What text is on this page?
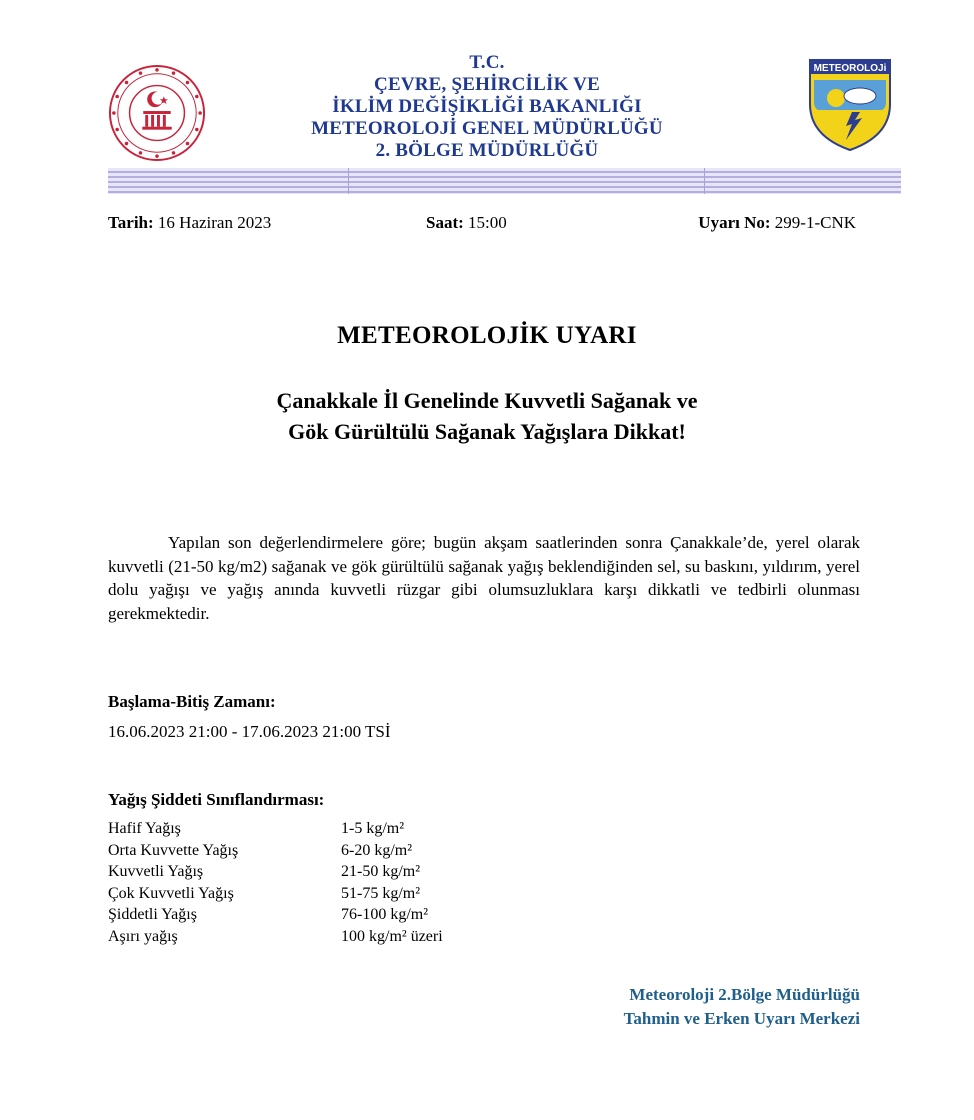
T.C.
ÇEVRE, ŞEHİRCİLİK VE
İKLİM DEĞİŞİKLİĞİ BAKANLIĞI
METEOROLOJİ GENEL MÜDÜRLÜĞÜ
2. BÖLGE MÜDÜRLÜĞÜ
METEOROLOJi
Tarih: 16 Haziran 2023	Saat: 15:00	Uyarı No: 299-1-CNK
METEOROLOJİK UYARI
Çanakkale İl Genelinde Kuvvetli Sağanak ve
Gök Gürültülü Sağanak Yağışlara Dikkat!
Yapılan son değerlendirmelere göre; bugün akşam saatlerinden sonra Çanakkale’de, yerel olarak kuvvetli (21-50 kg/m2) sağanak ve gök gürültülü sağanak yağış beklendiğinden sel, su baskını, yıldırım, yerel dolu yağışı ve yağış anında kuvvetli rüzgar gibi olumsuzluklara karşı dikkatli ve tedbirli olunması gerekmektedir.
Başlama-Bitiş Zamanı:
16.06.2023 21:00 - 17.06.2023 21:00 TSİ
Yağış Şiddeti Sınıflandırması:
Hafif Yağış	1-5 kg/m²
Orta Kuvvette Yağış	6-20 kg/m²
Kuvvetli Yağış	21-50 kg/m²
Çok Kuvvetli Yağış	51-75 kg/m²
Şiddetli Yağış	76-100 kg/m²
Aşırı yağış	100 kg/m² üzeri
Meteoroloji 2.Bölge Müdürlüğü
Tahmin ve Erken Uyarı Merkezi
